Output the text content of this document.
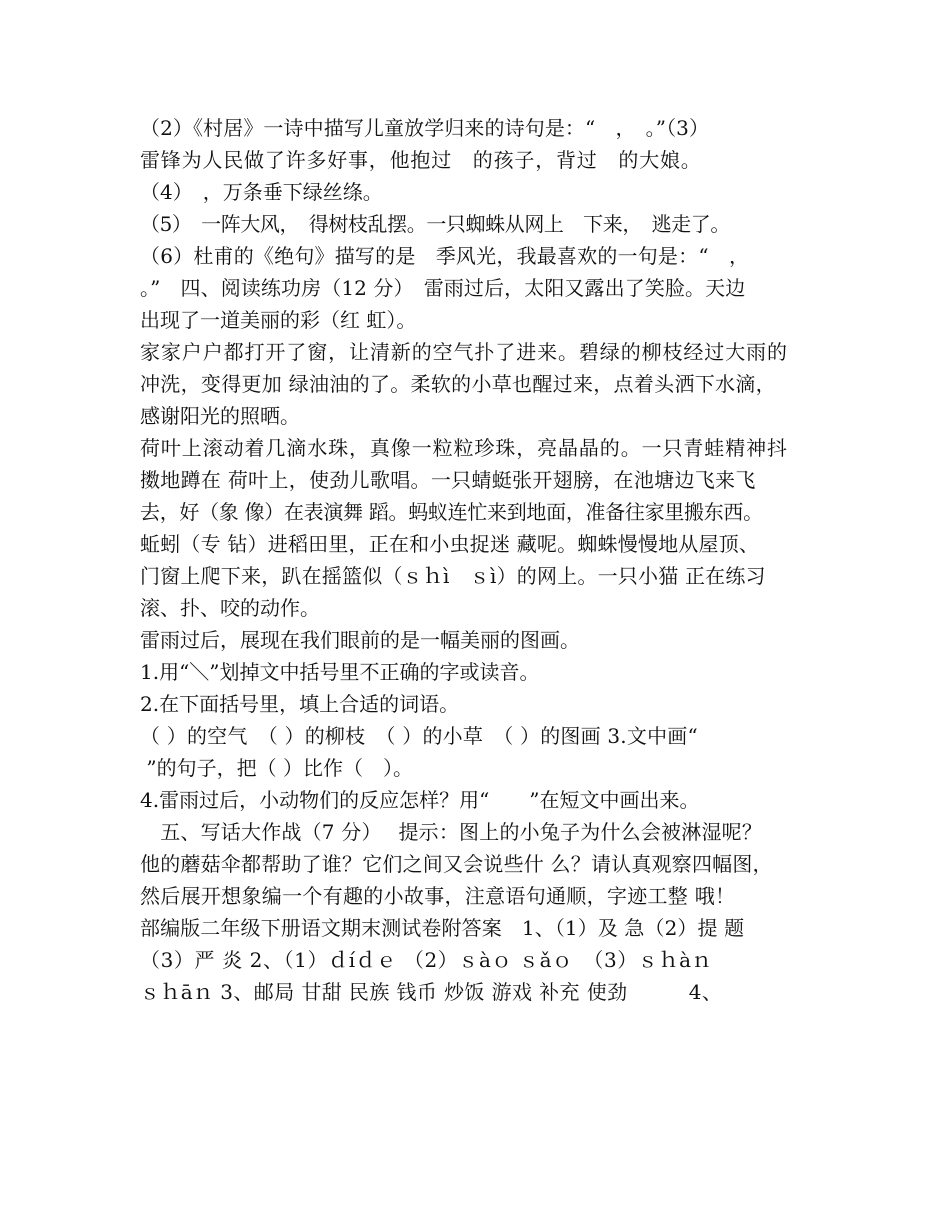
（2）《村居》一诗中描写儿童放学归来的诗句是：“　，　。”（3）
雷锋为人民做了许多好事，他抱过　的孩子，背过　的大娘。
（4）　，万条垂下绿丝绦。
（5）　一阵大风，　得树枝乱摆。一只蜘蛛从网上　下来，　逃走了。
（6）杜甫的《绝句》描写的是　季风光，我最喜欢的一句是：“　，
。”　四、阅读练功房（12 分）　雷雨过后，太阳又露出了笑脸。天边
出现了一道美丽的彩（红 虹）。
家家户户都打开了窗，让清新的空气扑了进来。碧绿的柳枝经过大雨的
冲洗，变得更加 绿油油的了。柔软的小草也醒过来，点着头洒下水滴，
感谢阳光的照晒。
荷叶上滚动着几滴水珠，真像一粒粒珍珠，亮晶晶的。一只青蛙精神抖
擞地蹲在 荷叶上，使劲儿歌唱。一只蜻蜓张开翅膀，在池塘边飞来飞
去，好（象 像）在表演舞 蹈。蚂蚁连忙来到地面，准备往家里搬东西。
蚯蚓（专 钻）进稻田里，正在和小虫捉迷 藏呢。蜘蛛慢慢地从屋顶、
门窗上爬下来，趴在摇篮似（ｓｈì　ｓì）的网上。一只小猫 正在练习
滚、扑、咬的动作。
雷雨过后，展现在我们眼前的是一幅美丽的图画。
1.用“＼”划掉文中括号里不正确的字或读音。
2.在下面括号里，填上合适的词语。
（ ）的空气　（ ）的柳枝　（ ）的小草　（ ）的图画 3.文中画“
”的句子，把（ ）比作（　）。
4.雷雨过后，小动物们的反应怎样？用“　　”在短文中画出来。
　五、写话大作战（7 分）　 提示：图上的小兔子为什么会被淋湿呢？
他的蘑菇伞都帮助了谁？它们之间又会说些什 么？请认真观察四幅图，
然后展开想象编一个有趣的小故事，注意语句通顺，字迹工整 哦！
部编版二年级下册语文期末测试卷附答案　1、（1）及 急（2）提 题
（3）严 炎 2、（1）ｄíｄｅ （2）ｓàｏ ｓǎｏ　（3）ｓｈàｎ
ｓｈāｎ 3、邮局 甘甜 民族 钱币 炒饭 游戏 补充 使劲　　　4、
